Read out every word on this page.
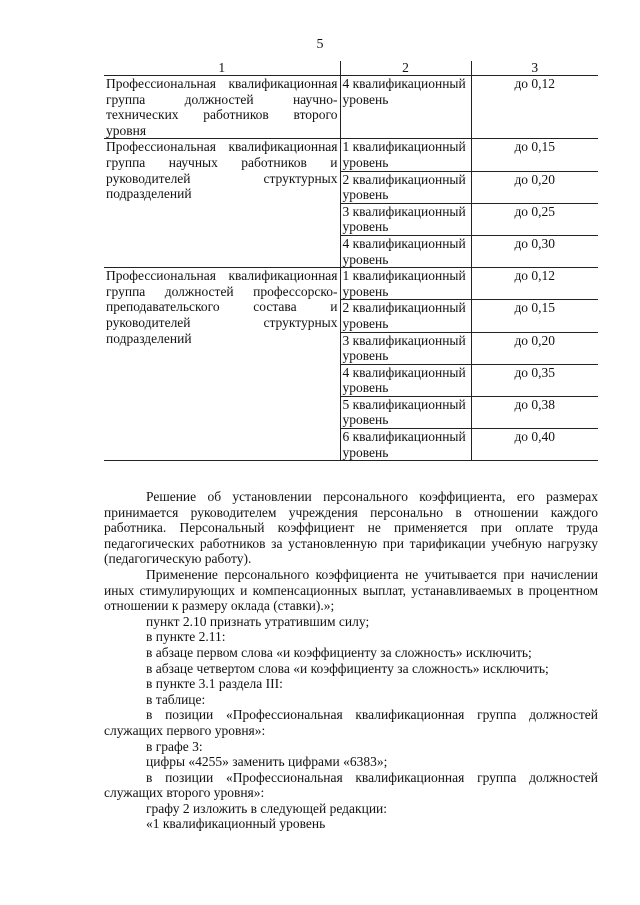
5
1	2	3
Профессиональная квалификационная группа должностей научно-технических работников второго уровня	4 квалификационный уровень	до 0,12
Профессиональная квалификационная группа научных работников и руководителей структурных подразделений	1 квалификационный уровень	до 0,15
	2 квалификационный уровень	до 0,20
	3 квалификационный уровень	до 0,25
	4 квалификационный уровень	до 0,30
Профессиональная квалификационная группа должностей профессорско-преподавательского состава и руководителей структурных подразделений	1 квалификационный уровень	до 0,12
	2 квалификационный уровень	до 0,15
	3 квалификационный уровень	до 0,20
	4 квалификационный уровень	до 0,35
	5 квалификационный уровень	до 0,38
	6 квалификационный уровень	до 0,40

Решение об установлении персонального коэффициента, его размерах принимается руководителем учреждения персонально в отношении каждого работника. Персональный коэффициент не применяется при оплате труда педагогических работников за установленную при тарификации учебную нагрузку (педагогическую работу).

Применение персонального коэффициента не учитывается при начислении иных стимулирующих и компенсационных выплат, устанавливаемых в процентном отношении к размеру оклада (ставки).»;

пункт 2.10 признать утратившим силу;

в пункте 2.11:

в абзаце первом слова «и коэффициенту за сложность» исключить;

в абзаце четвертом слова «и коэффициенту за сложность» исключить;

в пункте 3.1 раздела III:

в таблице:

в позиции «Профессиональная квалификационная группа должностей служащих первого уровня»:

в графе 3:

цифры «4255» заменить цифрами «6383»;

в позиции «Профессиональная квалификационная группа должностей служащих второго уровня»:

графу 2 изложить в следующей редакции:

«1 квалификационный уровень
